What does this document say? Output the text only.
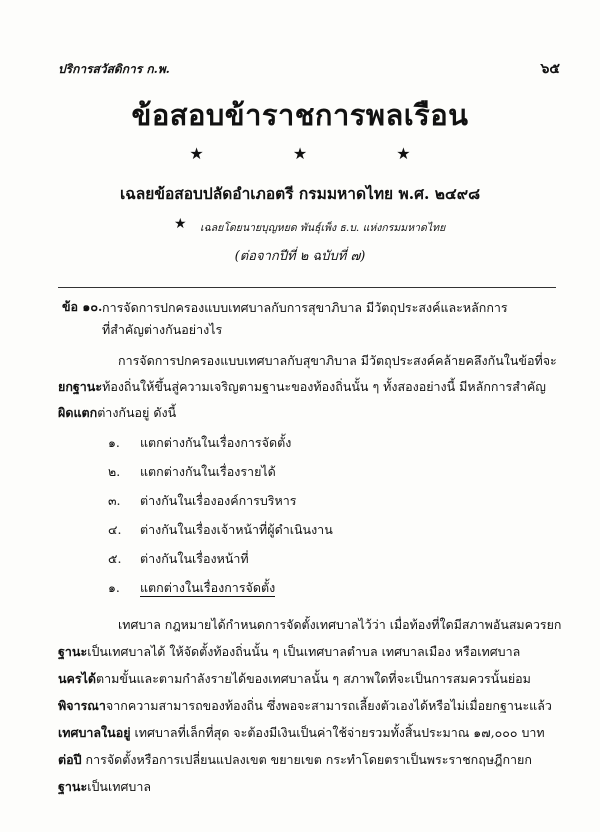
ปริการสวัสดิการ ก.พ.	๖๕
ข้อสอบข้าราชการพลเรือน
★ ★ ★
เฉลยข้อสอบปลัดอำเภอตรี กรมมหาดไทย พ.ศ. ๒๔๙๘
★ เฉลยโดยนายบุญหยด พันธุ์เพ็ง ธ.บ. แห่งกรมมหาดไทย
(ต่อจากปีที่ ๒ ฉบับที่ ๗)
ข้อ ๑๐. การจัดการปกครองแบบเทศบาลกับการสุขาภิบาล มีวัตถุประสงค์และหลักการ
ที่สำคัญต่างกันอย่างไร
การจัดการปกครองแบบเทศบาลกับสุขาภิบาล มีวัตถุประสงค์คล้ายคลึงกันในข้อที่จะ
ยกฐานะท้องถิ่นให้ขึ้นสู่ความเจริญตามฐานะของท้องถิ่นนั้น ๆ ทั้งสองอย่างนี้ มีหลักการสำคัญ
ผิดแตกต่างกันอยู่ ดังนี้
๑. แตกต่างกันในเรื่องการจัดตั้ง
๒. แตกต่างกันในเรื่องรายได้
๓. ต่างกันในเรื่ององค์การบริหาร
๔. ต่างกันในเรื่องเจ้าหน้าที่ผู้ดำเนินงาน
๕. ต่างกันในเรื่องหน้าที่
๑. แตกต่างในเรื่องการจัดตั้ง
เทศบาล กฎหมายได้กำหนดการจัดตั้งเทศบาลไว้ว่า เมื่อท้องที่ใดมีสภาพอันสมควรยก
ฐานะเป็นเทศบาลได้ ให้จัดตั้งท้องถิ่นนั้น ๆ เป็นเทศบาลตำบล เทศบาลเมือง หรือเทศบาล
นครได้ตามขั้นและตามกำลังรายได้ของเทศบาลนั้น ๆ สภาพใดที่จะเป็นการสมควรนั้นย่อม
พิจารณาจากความสามารถของท้องถิ่น ซึ่งพอจะสามารถเลี้ยงตัวเองได้หรือไม่เมื่อยกฐานะแล้ว
เทศบาลในอยู่ เทศบาลที่เล็กที่สุด จะต้องมีเงินเป็นค่าใช้จ่ายรวมทั้งสิ้นประมาณ ๑๗,๐๐๐ บาท
ต่อปี การจัดตั้งหรือการเปลี่ยนแปลงเขต ขยายเขต กระทำโดยตราเป็นพระราชกฤษฎีกายก
ฐานะเป็นเทศบาล
